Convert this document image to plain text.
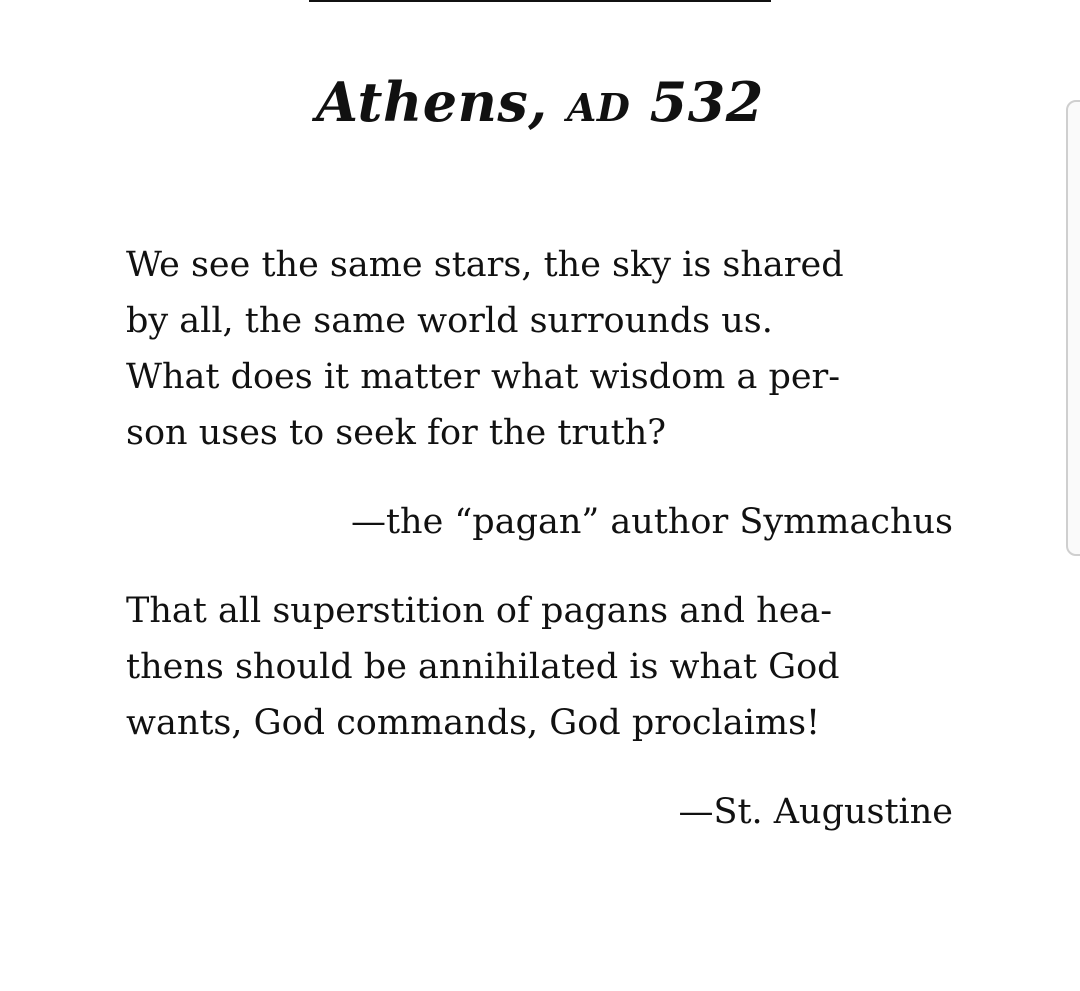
Athens, AD 532

We see the same stars, the sky is shared
by all, the same world surrounds us.
What does it matter what wisdom a per-
son uses to seek for the truth?

—the “pagan” author Symmachus

That all superstition of pagans and hea-
thens should be annihilated is what God
wants, God commands, God proclaims!

—St. Augustine
